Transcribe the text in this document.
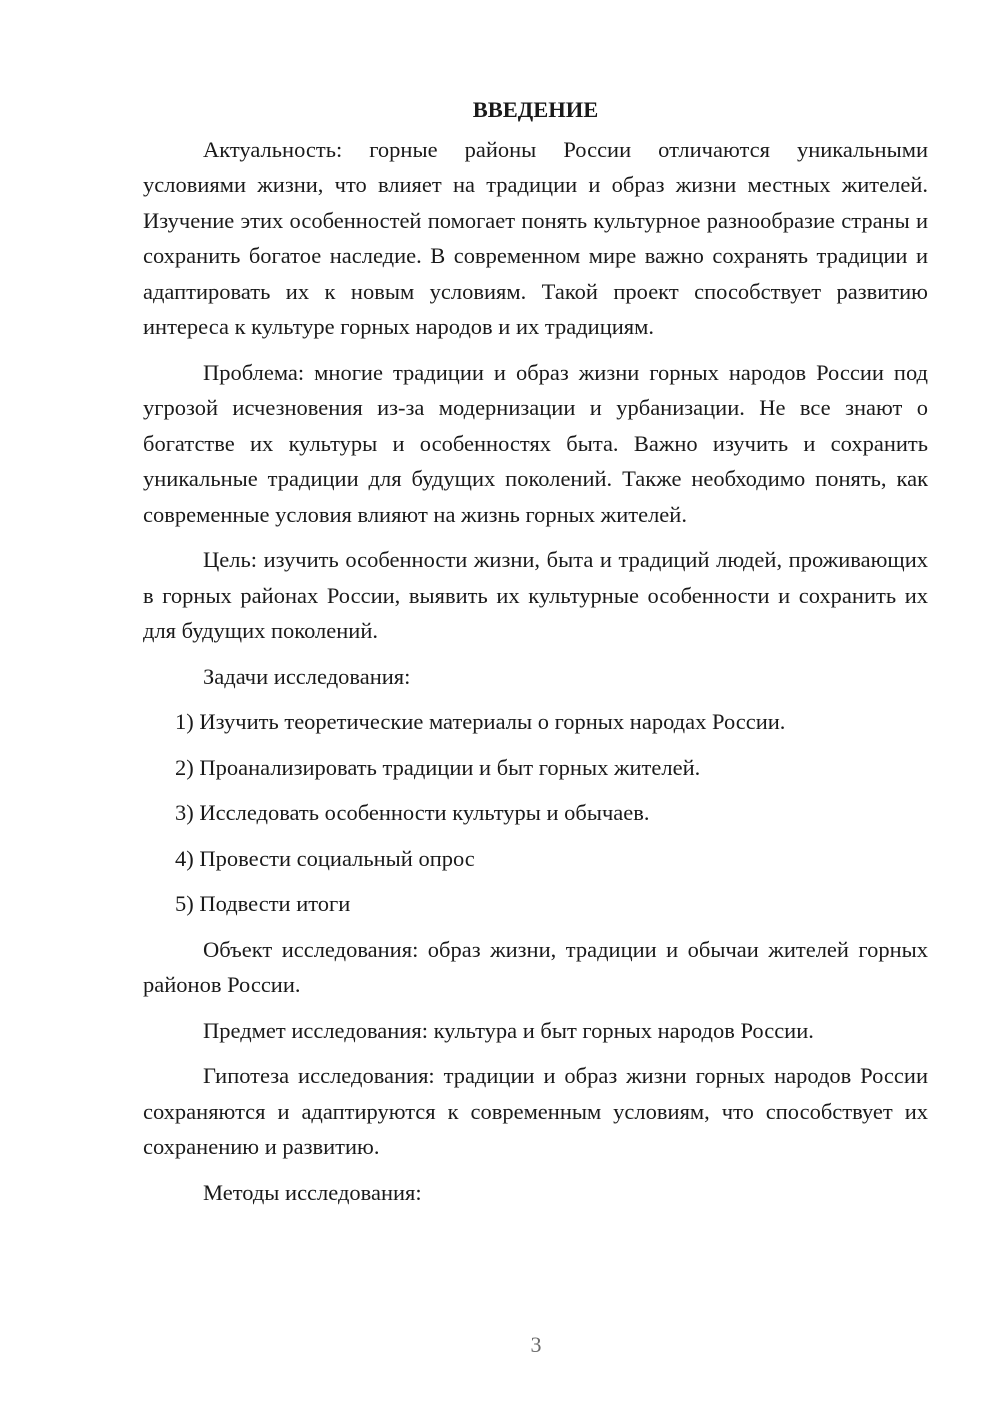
ВВЕДЕНИЕ

Актуальность: горные районы России отличаются уникальными условиями жизни, что влияет на традиции и образ жизни местных жителей. Изучение этих особенностей помогает понять культурное разнообразие страны и сохранить богатое наследие. В современном мире важно сохранять традиции и адаптировать их к новым условиям. Такой проект способствует развитию интереса к культуре горных народов и их традициям.

Проблема: многие традиции и образ жизни горных народов России под угрозой исчезновения из-за модернизации и урбанизации. Не все знают о богатстве их культуры и особенностях быта. Важно изучить и сохранить уникальные традиции для будущих поколений. Также необходимо понять, как современные условия влияют на жизнь горных жителей.

Цель: изучить особенности жизни, быта и традиций людей, проживающих в горных районах России, выявить их культурные особенности и сохранить их для будущих поколений.

Задачи исследования:

1) Изучить теоретические материалы о горных народах России.
2) Проанализировать традиции и быт горных жителей.
3) Исследовать особенности культуры и обычаев.
4) Провести социальный опрос
5) Подвести итоги

Объект исследования: образ жизни, традиции и обычаи жителей горных районов России.

Предмет исследования: культура и быт горных народов России.

Гипотеза исследования: традиции и образ жизни горных народов России сохраняются и адаптируются к современным условиям, что способствует их сохранению и развитию.

Методы исследования:

3
